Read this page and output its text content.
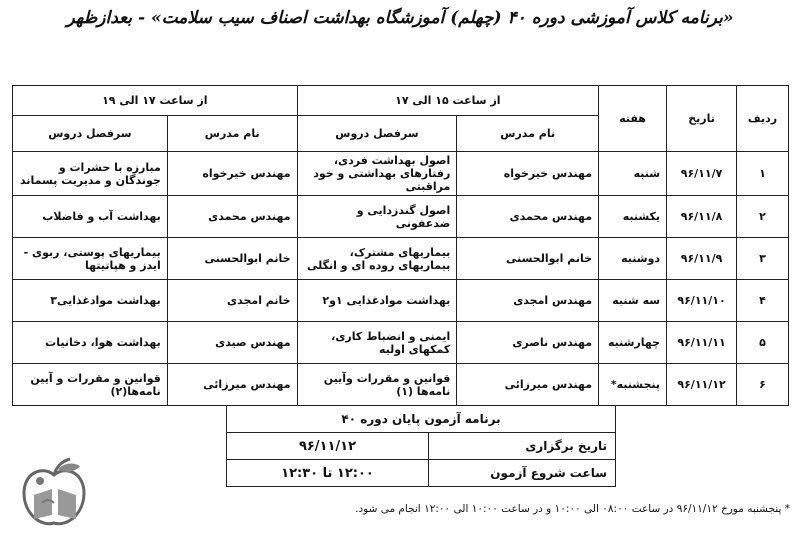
«برنامه کلاس آموزشی دوره ۴۰ (چهلم) آموزشگاه بهداشت اصناف سیب سلامت» - بعدازظهر
ردیف	تاریخ	هفته	از ساعت ۱۵ الی ۱۷		از ساعت ۱۷ الی ۱۹	
			نام مدرس	سرفصل دروس	نام مدرس	سرفصل دروس
۱	۹۶/۱۱/۷	شنبه	مهندس خیرخواه	اصول بهداشت فردی، رفتارهای بهداشتی و خود مراقبتی	مهندس خیرخواه	مبارزه با حشرات و جوندگان و مدیریت پسماند
۲	۹۶/۱۱/۸	یکشنبه	مهندس محمدی	اصول گندزدایی و ضدعفونی	مهندس محمدی	بهداشت آب و فاضلاب
۳	۹۶/۱۱/۹	دوشنبه	خانم ابوالحسنی	بیماریهای مشترک، بیماریهای روده ای و انگلی	خانم ابوالحسنی	بیماریهای پوستی، ربوی - ایدز و هپاتیتها
۴	۹۶/۱۱/۱۰	سه شنبه	مهندس امجدی	بهداشت موادغذایی ۱و۲	خانم امجدی	بهداشت موادغذایی۳
۵	۹۶/۱۱/۱۱	چهارشنبه	مهندس ناصری	ایمنی و انضباط کاری، کمکهای اولیه	مهندس صیدی	بهداشت هوا، دخانیات
۶	۹۶/۱۱/۱۲	پنجشنبه*	مهندس میرزائی	قوانین و مقررات وآیین نامه‌ها (۱)	مهندس میرزائی	قوانین و مقررات و آیین نامه‌ها(۲)
برنامه آزمون پایان دوره ۴۰	
تاریخ برگزاری	۹۶/۱۱/۱۲
ساعت شروع آزمون	۱۲:۰۰ تا ۱۲:۳۰
* پنجشنبه مورخ ۹۶/۱۱/۱۲ در ساعت ۰۸:۰۰ الی ۱۰:۰۰ و در ساعت ۱۰:۰۰ الی ۱۲:۰۰ انجام می شود.
